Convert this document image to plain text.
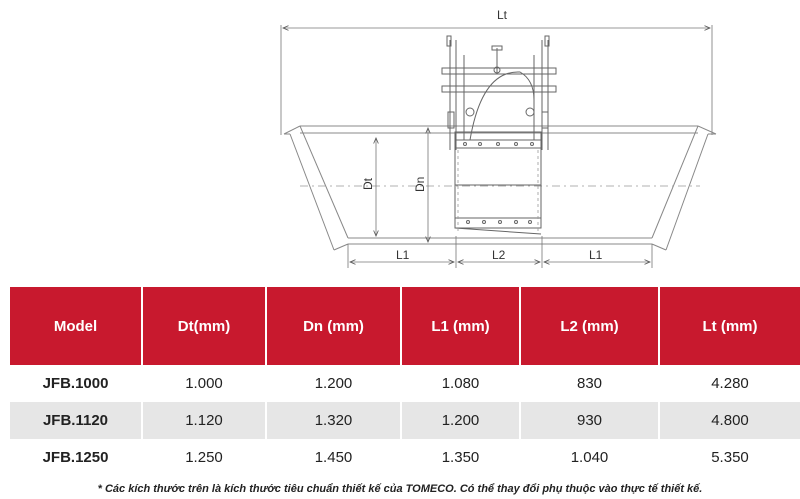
Lt
Dt	Dn
L1	L2	L1
Model	Dt(mm)	Dn (mm)	L1 (mm)	L2 (mm)	Lt (mm)
JFB.1000	1.000	1.200	1.080	830	4.280
JFB.1120	1.120	1.320	1.200	930	4.800
JFB.1250	1.250	1.450	1.350	1.040	5.350
* Các kích thước trên là kích thước tiêu chuẩn thiết kế của TOMECO. Có thể thay đổi phụ thuộc vào thực tế thiết kế.
